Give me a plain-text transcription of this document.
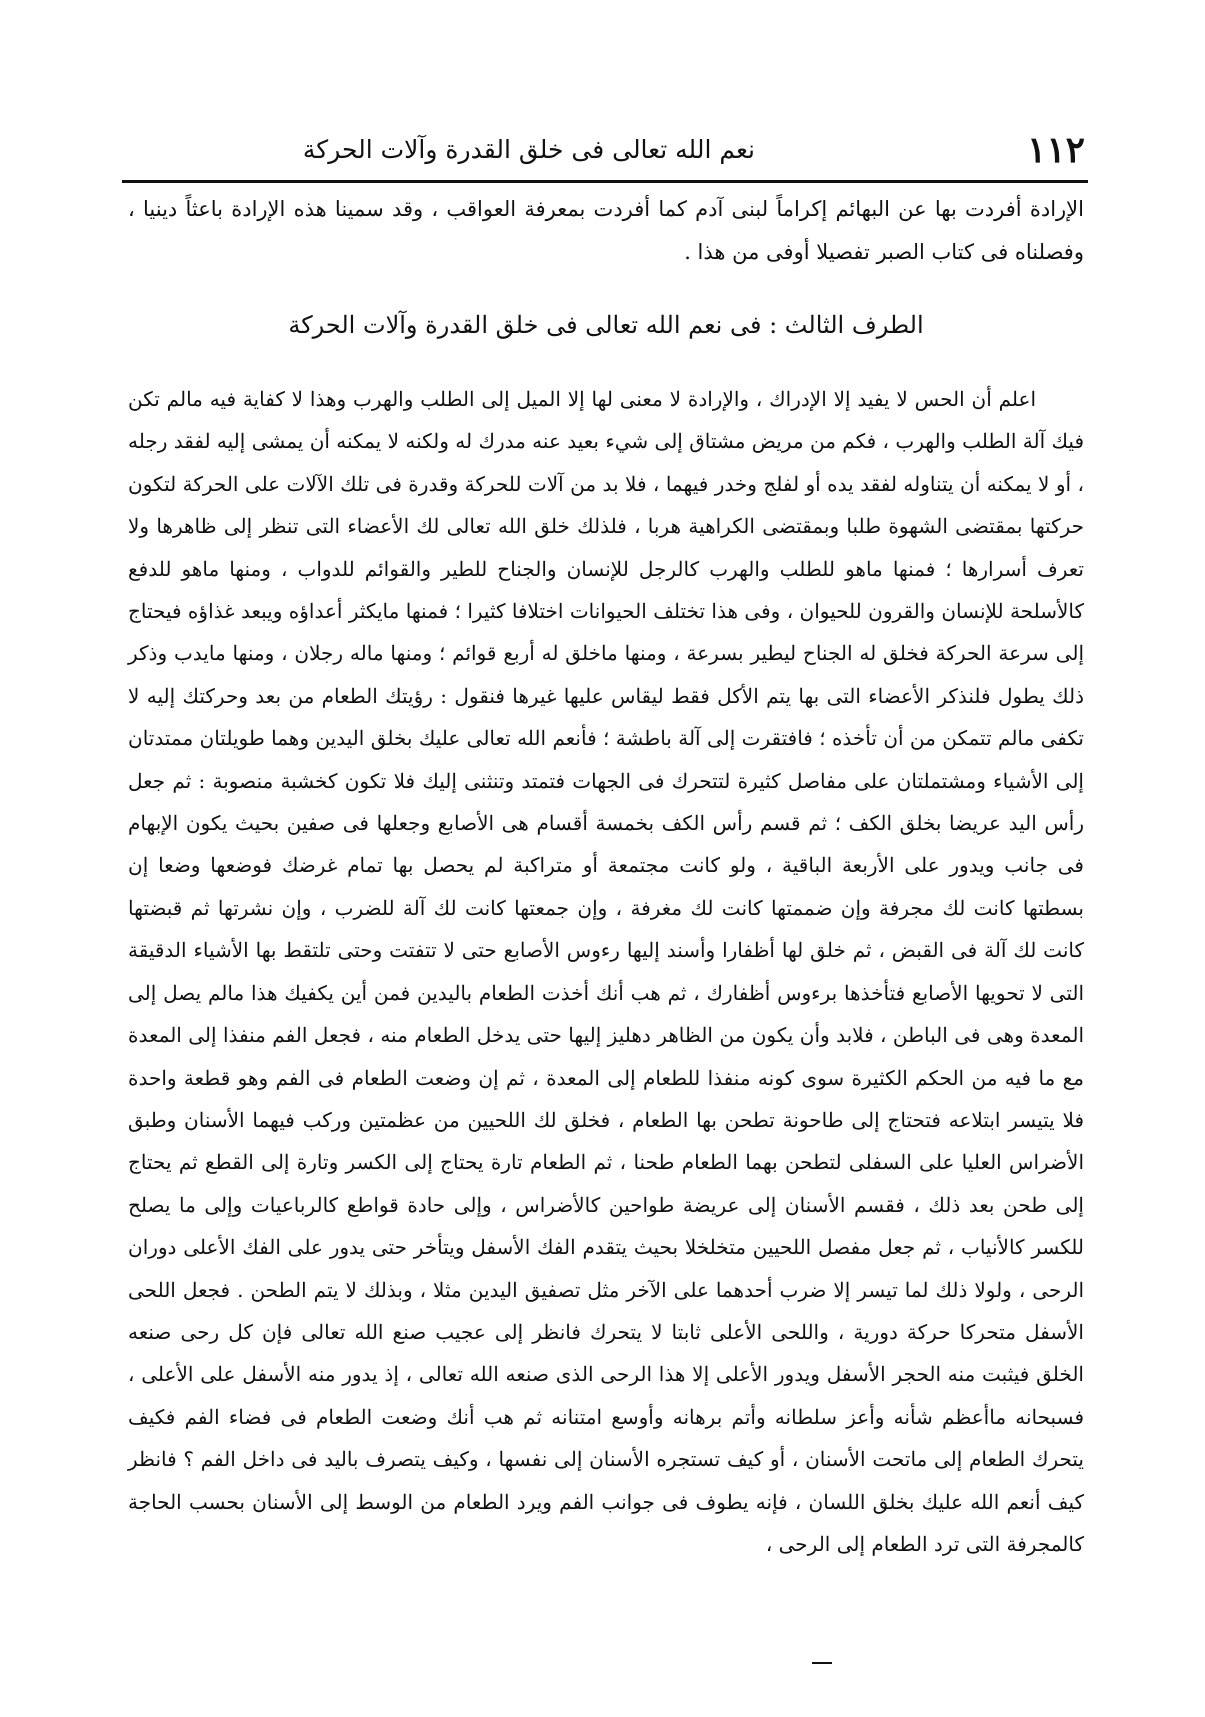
١١٢
نعم الله تعالى فى خلق القدرة وآلات الحركة

الإرادة أفردت بها عن البهائم إكراماً لبنى آدم كما أفردت بمعرفة العواقب ، وقد سمينا هذه الإرادة باعثاً دينيا ، وفصلناه فى كتاب الصبر تفصيلا أوفى من هذا .

الطرف الثالث : فى نعم الله تعالى فى خلق القدرة وآلات الحركة

اعلم أن الحس لا يفيد إلا الإدراك ، والإرادة لا معنى لها إلا الميل إلى الطلب والهرب وهذا لا كفاية فيه مالم تكن فيك آلة الطلب والهرب ، فكم من مريض مشتاق إلى شيء بعيد عنه مدرك له ولكنه لا يمكنه أن يمشى إليه لفقد رجله ، أو لا يمكنه أن يتناوله لفقد يده أو لفلج وخدر فيهما ، فلا بد من آلات للحركة وقدرة فى تلك الآلات على الحركة لتكون حركتها بمقتضى الشهوة طلبا وبمقتضى الكراهية هربا ، فلذلك خلق الله تعالى لك الأعضاء التى تنظر إلى ظاهرها ولا تعرف أسرارها ؛ فمنها ماهو للطلب والهرب كالرجل للإنسان والجناح للطير والقوائم للدواب ، ومنها ماهو للدفع كالأسلحة للإنسان والقرون للحيوان ، وفى هذا تختلف الحيوانات اختلافا كثيرا ؛ فمنها مايكثر أعداؤه ويبعد غذاؤه فيحتاج إلى سرعة الحركة فخلق له الجناح ليطير بسرعة ، ومنها ماخلق له أربع قوائم ؛ ومنها ماله رجلان ، ومنها مايدب وذكر ذلك يطول فلنذكر الأعضاء التى بها يتم الأكل فقط ليقاس عليها غيرها فنقول : رؤيتك الطعام من بعد وحركتك إليه لا تكفى مالم تتمكن من أن تأخذه ؛ فافتقرت إلى آلة باطشة ؛ فأنعم الله تعالى عليك بخلق اليدين وهما طويلتان ممتدتان إلى الأشياء ومشتملتان على مفاصل كثيرة لتتحرك فى الجهات فتمتد وتنثنى إليك فلا تكون كخشبة منصوبة : ثم جعل رأس اليد عريضا بخلق الكف ؛ ثم قسم رأس الكف بخمسة أقسام هى الأصابع وجعلها فى صفين بحيث يكون الإبهام فى جانب ويدور على الأربعة الباقية ، ولو كانت مجتمعة أو متراكبة لم يحصل بها تمام غرضك فوضعها وضعا إن بسطتها كانت لك مجرفة وإن ضممتها كانت لك مغرفة ، وإن جمعتها كانت لك آلة للضرب ، وإن نشرتها ثم قبضتها كانت لك آلة فى القبض ، ثم خلق لها أظفارا وأسند إليها رءوس الأصابع حتى لا تتفتت وحتى تلتقط بها الأشياء الدقيقة التى لا تحويها الأصابع فتأخذها برءوس أظفارك ، ثم هب أنك أخذت الطعام باليدين فمن أين يكفيك هذا مالم يصل إلى المعدة وهى فى الباطن ، فلابد وأن يكون من الظاهر دهليز إليها حتى يدخل الطعام منه ، فجعل الفم منفذا إلى المعدة مع ما فيه من الحكم الكثيرة سوى كونه منفذا للطعام إلى المعدة ، ثم إن وضعت الطعام فى الفم وهو قطعة واحدة فلا يتيسر ابتلاعه فتحتاج إلى طاحونة تطحن بها الطعام ، فخلق لك اللحيين من عظمتين وركب فيهما الأسنان وطبق الأضراس العليا على السفلى لتطحن بهما الطعام طحنا ، ثم الطعام تارة يحتاج إلى الكسر وتارة إلى القطع ثم يحتاج إلى طحن بعد ذلك ، فقسم الأسنان إلى عريضة طواحين كالأضراس ، وإلى حادة قواطع كالرباعيات وإلى ما يصلح للكسر كالأنياب ، ثم جعل مفصل اللحيين متخلخلا بحيث يتقدم الفك الأسفل ويتأخر حتى يدور على الفك الأعلى دوران الرحى ، ولولا ذلك لما تيسر إلا ضرب أحدهما على الآخر مثل تصفيق اليدين مثلا ، وبذلك لا يتم الطحن . فجعل اللحى الأسفل متحركا حركة دورية ، واللحى الأعلى ثابتا لا يتحرك فانظر إلى عجيب صنع الله تعالى فإن كل رحى صنعه الخلق فيثبت منه الحجر الأسفل ويدور الأعلى إلا هذا الرحى الذى صنعه الله تعالى ، إذ يدور منه الأسفل على الأعلى ، فسبحانه ماأعظم شأنه وأعز سلطانه وأتم برهانه وأوسع امتنانه ثم هب أنك وضعت الطعام فى فضاء الفم فكيف يتحرك الطعام إلى ماتحت الأسنان ، أو كيف تستجره الأسنان إلى نفسها ، وكيف يتصرف باليد فى داخل الفم ؟ فانظر كيف أنعم الله عليك بخلق اللسان ، فإنه يطوف فى جوانب الفم ويرد الطعام من الوسط إلى الأسنان بحسب الحاجة كالمجرفة التى ترد الطعام إلى الرحى ،
